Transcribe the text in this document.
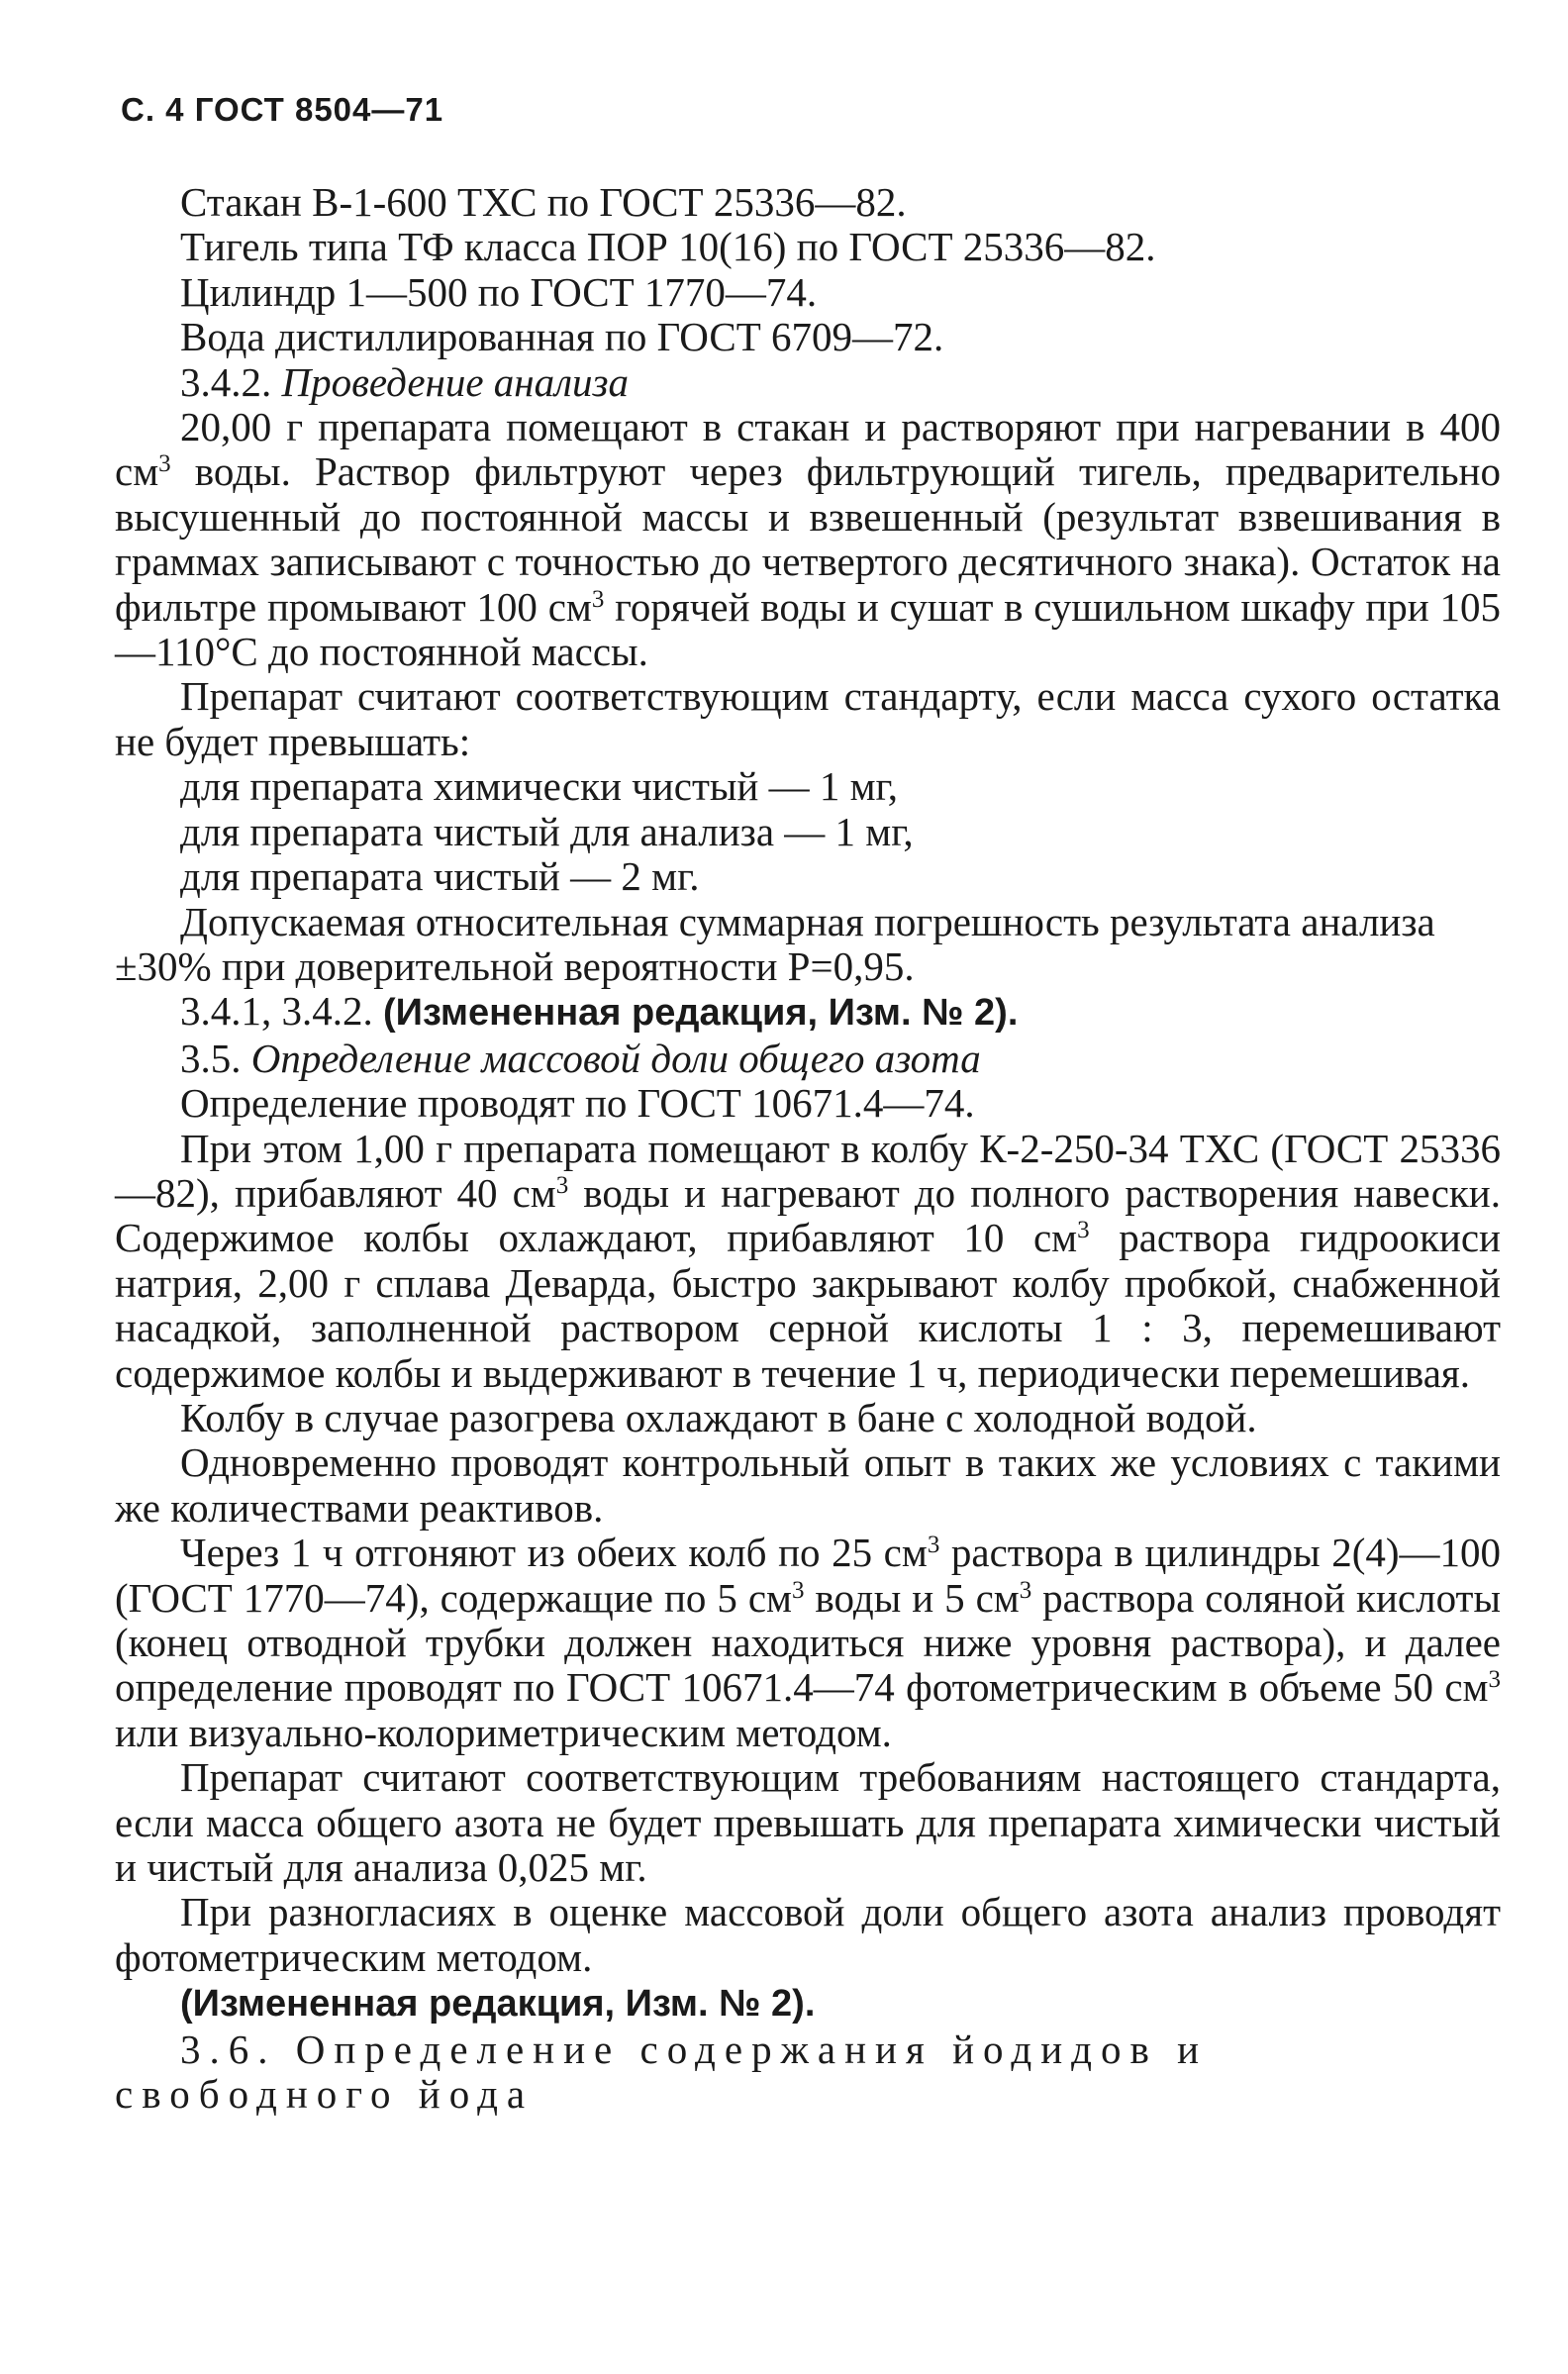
С. 4 ГОСТ 8504—71

Стакан В-1-600 ТХС по ГОСТ 25336—82.

Тигель типа ТФ класса ПОР 10(16) по ГОСТ 25336—82.

Цилиндр 1—500 по ГОСТ 1770—74.

Вода дистиллированная по ГОСТ 6709—72.

3.4.2. Проведение анализа

20,00 г препарата помещают в стакан и растворяют при нагревании в 400 $см^3$ воды. Раствор фильтруют через фильтрующий тигель, предварительно высушенный до постоянной массы и взвешенный (результат взвешивания в граммах записывают с точностью до четвертого десятичного знака). Остаток на фильтре промывают 100 $см^3$ горячей воды и сушат в сушильном шкафу при 105—110°С до постоянной массы.

Препарат считают соответствующим стандарту, если масса сухого остатка не будет превышать:

для препарата химически чистый — 1 мг,

для препарата чистый для анализа — 1 мг,

для препарата чистый — 2 мг.

Допускаемая относительная суммарная погрешность результата анализа ±30% при доверительной вероятности Р=0,95.

3.4.1, 3.4.2. (Измененная редакция, Изм. № 2).

3.5. Определение массовой доли общего азота

Определение проводят по ГОСТ 10671.4—74.

При этом 1,00 г препарата помещают в колбу К-2-250-34 ТХС (ГОСТ 25336—82), прибавляют 40 $см^3$ воды и нагревают до полного растворения навески. Содержимое колбы охлаждают, прибавляют 10 $см^3$ раствора гидроокиси натрия, 2,00 г сплава Деварда, быстро закрывают колбу пробкой, снабженной насадкой, заполненной раствором серной кислоты 1 : 3, перемешивают содержимое колбы и выдерживают в течение 1 ч, периодически перемешивая.

Колбу в случае разогрева охлаждают в бане с холодной водой.

Одновременно проводят контрольный опыт в таких же условиях с такими же количествами реактивов.

Через 1 ч отгоняют из обеих колб по 25 $см^3$ раствора в цилиндры 2(4)—100 (ГОСТ 1770—74), содержащие по 5 $см^3$ воды и 5 $см^3$ раствора соляной кислоты (конец отводной трубки должен находиться ниже уровня раствора), и далее определение проводят по ГОСТ 10671.4—74 фотометрическим в объеме 50 $см^3$ или визуально-колориметрическим методом.

Препарат считают соответствующим требованиям настоящего стандарта, если масса общего азота не будет превышать для препарата химически чистый и чистый для анализа 0,025 мг.

При разногласиях в оценке массовой доли общего азота анализ проводят фотометрическим методом.

(Измененная редакция, Изм. № 2).

3.6. Определение содержания йодидов и свободного йода
